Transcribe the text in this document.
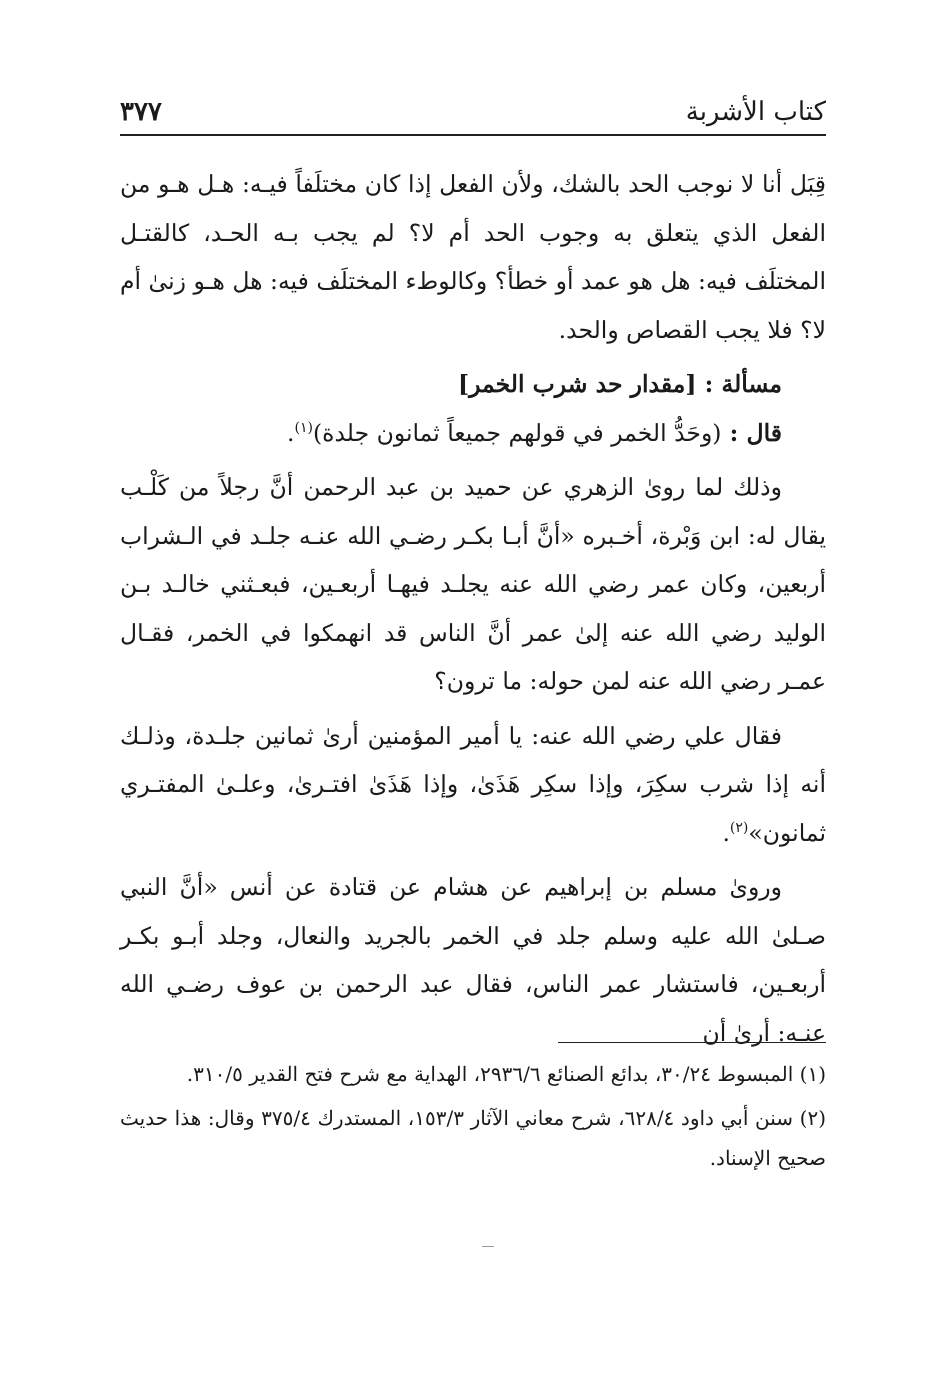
كتاب الأشربة
٣٧٧

قِبَل أنا لا نوجب الحد بالشك، ولأن الفعل إذا كان مختلَفاً فيـه: هـل هـو من الفعل الذي يتعلق به وجوب الحد أم لا؟ لم يجب بـه الحـد، كالقتـل المختلَف فيه: هل هو عمد أو خطأ؟ وكالوطء المختلَف فيه: هل هـو زنىٰ أم لا؟ فلا يجب القصاص والحد.

مسألة : [مقدار حد شرب الخمر]

قال : (وحَدُّ الخمر في قولهم جميعاً ثمانون جلدة)$^{(١)}$.

وذلك لما روىٰ الزهري عن حميد بن عبد الرحمن أنَّ رجلاً من كَلْـب يقال له: ابن وَبْرة، أخـبره «أنَّ أبـا بكـر رضـي الله عنـه جلـد في الـشراب أربعين، وكان عمر رضي الله عنه يجلـد فيهـا أربعـين، فبعـثني خالـد بـن الوليد رضي الله عنه إلىٰ عمر أنَّ الناس قد انهمكوا في الخمر، فقـال عمـر رضي الله عنه لمن حوله: ما ترون؟

فقال علي رضي الله عنه: يا أمير المؤمنين أرىٰ ثمانين جلـدة، وذلـك أنه إذا شرب سكِرَ، وإذا سكِر هَذَىٰ، وإذا هَذَىٰ افتـرىٰ، وعلـىٰ المفتـري ثمانون»$^{(٢)}$.

وروىٰ مسلم بن إبراهيم عن هشام عن قتادة عن أنس «أنَّ النبي صـلىٰ الله عليه وسلم جلد في الخمر بالجريد والنعال، وجلد أبـو بكـر أربعـين، فاستشار عمر الناس، فقال عبد الرحمن بن عوف رضـي الله عنـه: أرىٰ أن

(١) المبسوط ٣٠/٢٤، بدائع الصنائع ٢٩٣٦/٦، الهداية مع شرح فتح القدير ٣١٠/٥.

(٢) سنن أبي داود ٦٢٨/٤، شرح معاني الآثار ١٥٣/٣، المستدرك ٣٧٥/٤ وقال: هذا حديث صحيح الإسناد.
